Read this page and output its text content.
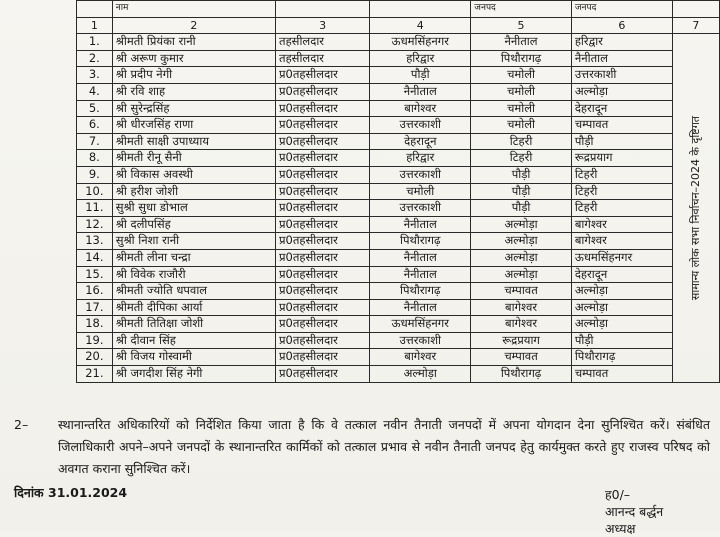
	नाम			जनपद	जनपद	
1	2	3	4	5	6	7
1.	श्रीमती प्रियंका रानी	तहसीलदार	ऊधमसिंहनगर	नैनीताल	हरिद्वार	सामान्य लोक सभा निर्वाचन–2024 के दृष्टिगत

2.	श्री अरूण कुमार	तहसीलदार	हरिद्वार	पिथौरागढ़	नैनीताल	
3.	श्री प्रदीप नेगी	प्र0तहसीलदार	पौड़ी	चमोली	उत्तरकाशी	
4.	श्री रवि शाह	प्र0तहसीलदार	नैनीताल	चमोली	अल्मोड़ा	
5.	श्री सुरेन्द्रसिंह	प्र0तहसीलदार	बागेश्वर	चमोली	देहरादून	
6.	श्री धीरजसिंह राणा	प्र0तहसीलदार	उत्तरकाशी	चमोली	चम्पावत	
7.	श्रीमती साक्षी उपाध्याय	प्र0तहसीलदार	देहरादून	टिहरी	पौड़ी	
8.	श्रीमती रीनू सैनी	प्र0तहसीलदार	हरिद्वार	टिहरी	रूद्रप्रयाग	
9.	श्री विकास अवस्थी	प्र0तहसीलदार	उत्तरकाशी	पौड़ी	टिहरी	
10.	श्री हरीश जोशी	प्र0तहसीलदार	चमोली	पौड़ी	टिहरी	
11.	सुश्री सुधा डोभाल	प्र0तहसीलदार	उत्तरकाशी	पौड़ी	टिहरी	
12.	श्री दलीपसिंह	प्र0तहसीलदार	नैनीताल	अल्मोड़ा	बागेश्वर	
13.	सुश्री निशा रानी	प्र0तहसीलदार	पिथौरागढ़	अल्मोड़ा	बागेश्वर	
14.	श्रीमती लीना चन्द्रा	प्र0तहसीलदार	नैनीताल	अल्मोड़ा	ऊधमसिंहनगर	
15.	श्री विवेक राजौरी	प्र0तहसीलदार	नैनीताल	अल्मोड़ा	देहरादून	
16.	श्रीमती ज्योति धपवाल	प्र0तहसीलदार	पिथौरागढ़	चम्पावत	अल्मोड़ा	
17.	श्रीमती दीपिका आर्या	प्र0तहसीलदार	नैनीताल	बागेश्वर	अल्मोड़ा	
18.	श्रीमती तितिक्षा जोशी	प्र0तहसीलदार	ऊधमसिंहनगर	बागेश्वर	अल्मोड़ा	
19.	श्री दीवान सिंह	प्र0तहसीलदार	उत्तरकाशी	रूद्रप्रयाग	पौड़ी	
20.	श्री विजय गोस्वामी	प्र0तहसीलदार	बागेश्वर	चम्पावत	पिथौरागढ़	
21.	श्री जगदीश सिंह नेगी	प्र0तहसीलदार	अल्मोड़ा	पिथौरागढ़	चम्पावत	
2– स्थानान्तरित अधिकारियों को निर्देशित किया जाता है कि वे तत्काल नवीन तैनाती जनपदों में अपना योगदान देना सुनिश्चित करें। संबंधित जिलाधिकारी अपने–अपने जनपदों के स्थानान्तरित कार्मिकों को तत्काल प्रभाव से नवीन तैनाती जनपद हेतु कार्यमुक्त करते हुए राजस्व परिषद को अवगत कराना सुनिश्चित करें।

दिनांक 31.01.2024	ह0/–
आनन्द बर्द्धन
अध्यक्ष
